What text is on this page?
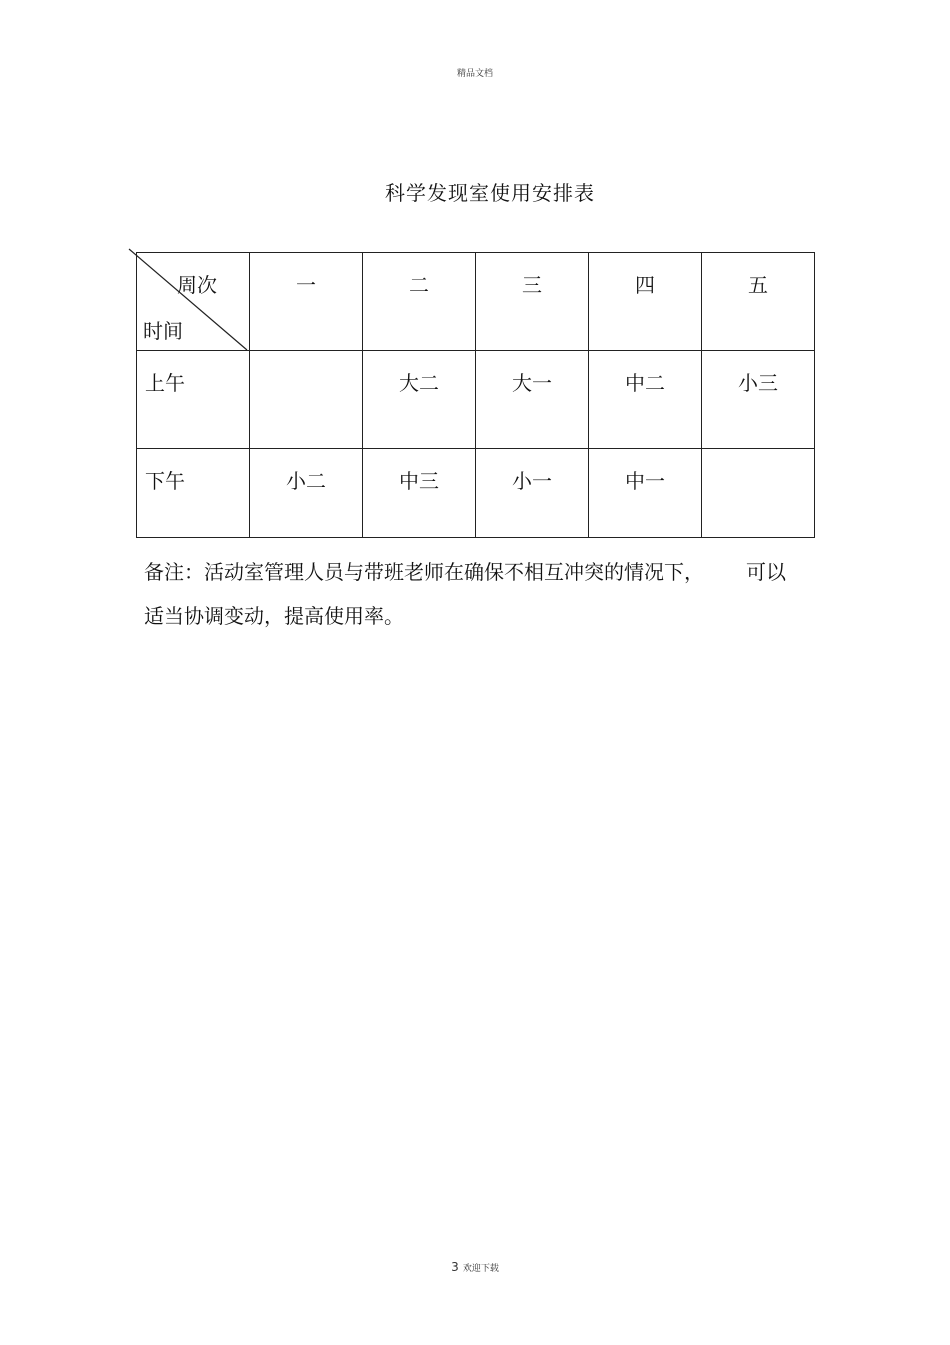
精品文档
科学发现室使用安排表
周次
时间	一	二	三	四	五

上午		大二	大一	中二	小三

下午	小二	中三	小一	中一	

备注：活动室管理人员与带班老师在确保不相互冲突的情况下， 可以
适当协调变动，提高使用率。
3 欢迎下载
